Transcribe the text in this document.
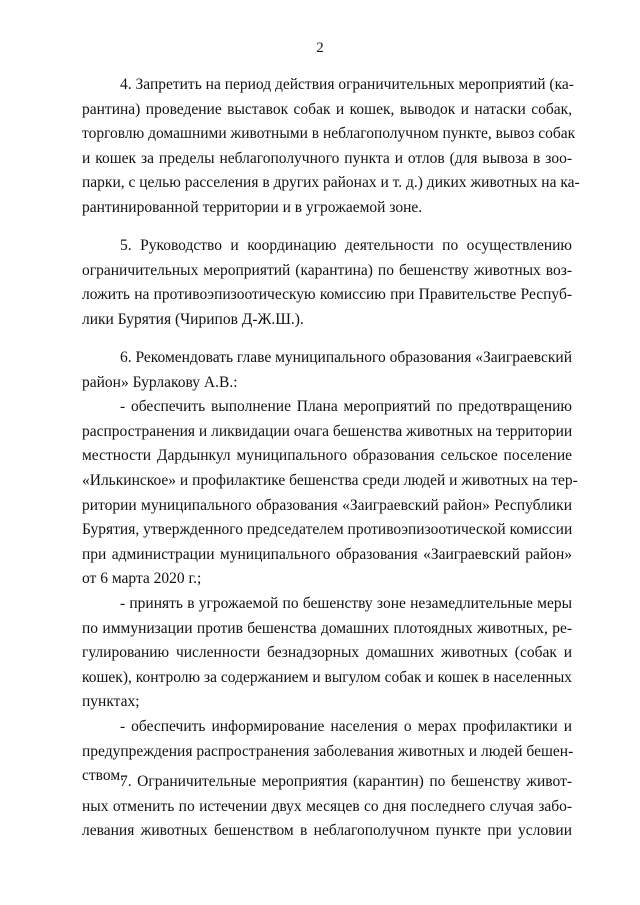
2
4. Запретить на период действия ограничительных мероприятий (ка-
рантина) проведение выставок собак и кошек, выводок и натаски собак,
торговлю домашними животными в неблагополучном пункте, вывоз собак
и кошек за пределы неблагополучного пункта и отлов (для вывоза в зоо-
парки, с целью расселения в других районах и т. д.) диких животных на ка-
рантинированной территории и в угрожаемой зоне.
5. Руководство и координацию деятельности по осуществлению
ограничительных мероприятий (карантина) по бешенству животных воз-
ложить на противоэпизоотическую комиссию при Правительстве Респуб-
лики Бурятия (Чирипов Д-Ж.Ш.).
6. Рекомендовать главе муниципального образования «Заиграевский
район» Бурлакову А.В.:
- обеспечить выполнение Плана мероприятий по предотвращению
распространения и ликвидации очага бешенства животных на территории
местности Дардынкул муниципального образования сельское поселение
«Илькинское» и профилактике бешенства среди людей и животных на тер-
ритории муниципального образования «Заиграевский район» Республики
Бурятия, утвержденного председателем противоэпизоотической комиссии
при администрации муниципального образования «Заиграевский район»
от 6 марта 2020 г.;
- принять в угрожаемой по бешенству зоне незамедлительные меры
по иммунизации против бешенства домашних плотоядных животных, ре-
гулированию численности безнадзорных домашних животных (собак и
кошек), контролю за содержанием и выгулом собак и кошек в населенных
пунктах;
- обеспечить информирование населения о мерах профилактики и
предупреждения распространения заболевания животных и людей бешен-
ством.
7. Ограничительные мероприятия (карантин) по бешенству живот-
ных отменить по истечении двух месяцев со дня последнего случая забо-
левания животных бешенством в неблагополучном пункте при условии
